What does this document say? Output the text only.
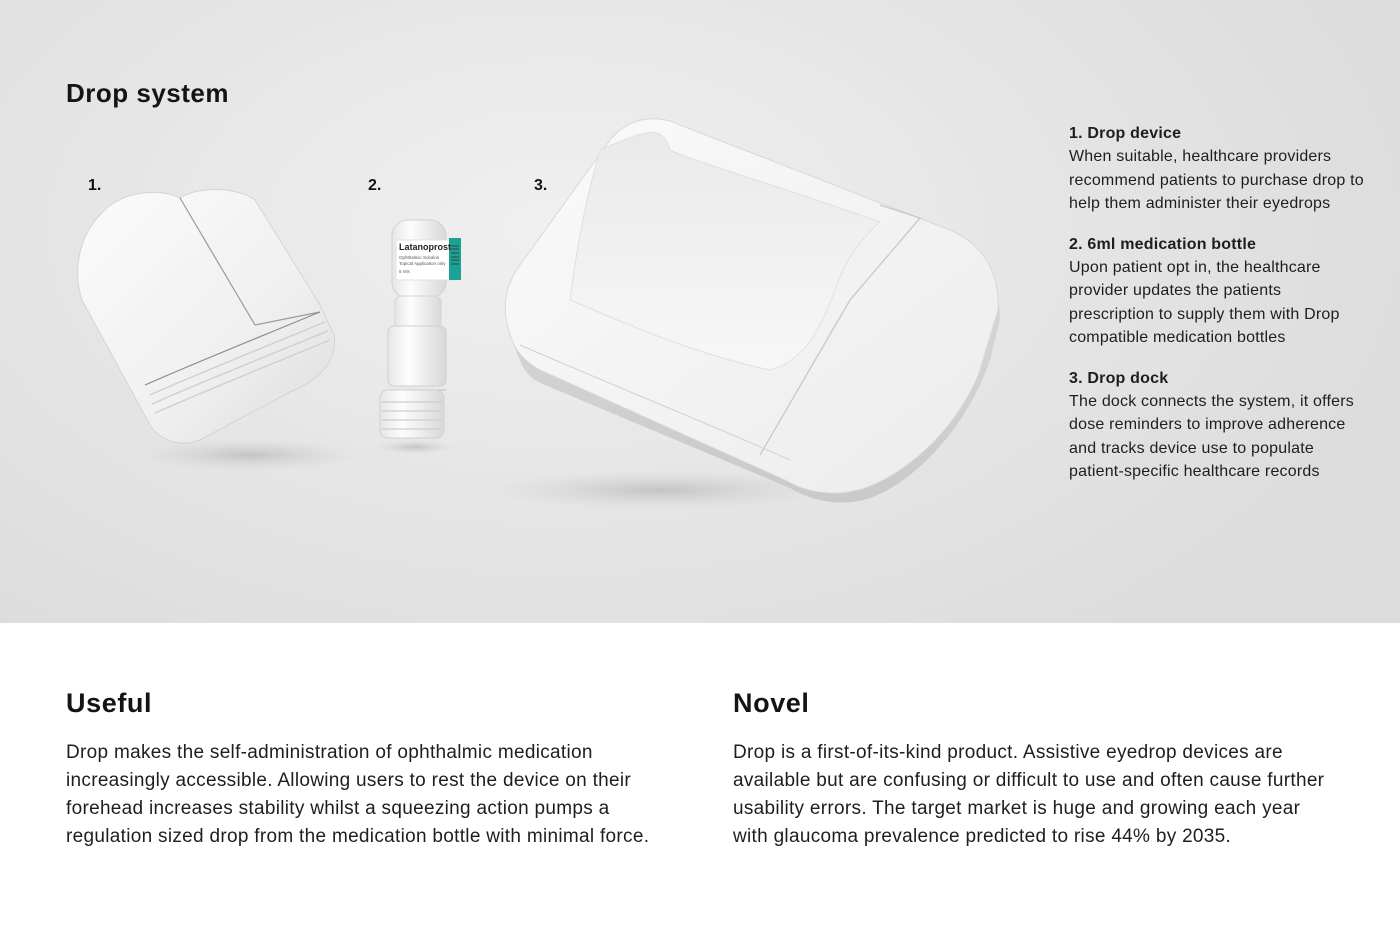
Drop system
1.	2.	3.
Latanoprost
Ophthalmic Solution
Topical Application only
5 mls
1. Drop device
When suitable, healthcare providers recommend patients to purchase drop to help them administer their eyedrops
2. 6ml medication bottle
Upon patient opt in, the healthcare provider updates the patients prescription to supply them with Drop compatible medication bottles
3. Drop dock
The dock connects the system, it offers dose reminders to improve adherence and tracks device use to populate patient-specific healthcare records
Useful

Drop makes the self-administration of ophthalmic medication increasingly accessible. Allowing users to rest the device on their forehead increases stability whilst a squeezing action pumps a regulation sized drop from the medication bottle with minimal force.

Novel

Drop is a first-of-its-kind product. Assistive eyedrop devices are available but are confusing or difficult to use and often cause further usability errors. The target market is huge and growing each year with glaucoma prevalence predicted to rise 44% by 2035.
